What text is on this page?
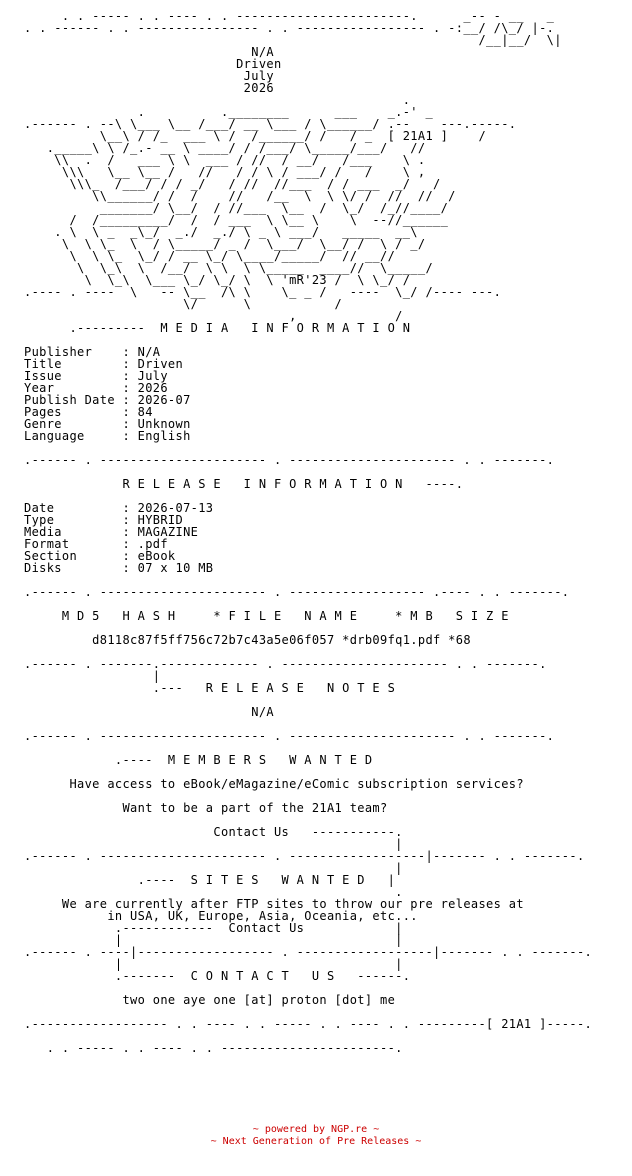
. . ----- . . ---- . . -----------------------.      _-- - __   _
. . ------ . . ---------------- . . ----------------- . -:__/ /\_/ |-.
/__|__/  \|
N/A
Driven
July
2026
.
.          .________      ___    _.-' _
.------ . --\ \___ \__ /___/ __ \___ / \______/ .--    ---.-----.
\__\ / /_  ___ \ /  /______/ /   / _  [ 21A1 ]    /
._____\ \ /_.- __ \ ____/ / /___/ \_____/___/   //
\\  .  /   ___ \ \  ___ / //  / __/   /___    \ .
\\\   \__ \__ /   //   / / \ / ___/ /   /    \ ,
\\\_  /___/ / / _/   / //  //___  / / ___  _/   /
\\______/ /  /    //   /__  \  \ \/ /  //  //  /
_______/ \__/  / //___  \__  /  \_/  /_//____/
/  /_________/  /  / ___  \ \__ \    \  --//______
. \  \ _  _\_/  _./  _./ \ _ \ ___/   _____  __\
\  \ \_  \  / \_____/ _ /  \___/  \__/ /  \ / _/
\  \ \_  \_/ / __ \_/ \____/_____/  // __//
\  \_\  \  /__/  \ \  \ \_____  ____//  \_____/
\  \_\  \___ \_/ \_/ \  \ 'mR'23 /  \ \_/ /
.---- . ----  \   -- \__  /\ \    \_ _ /   ----  \_/ /---- ---.
\/      \           /
,             /
.---------  M E D I A   I N F O R M A T I O N

Publisher    : N/A
Title        : Driven
Issue        : July
Year         : 2026
Publish Date : 2026-07
Pages        : 84
Genre        : Unknown
Language     : English

.------ . ---------------------- . ---------------------- . . -------.

R E L E A S E   I N F O R M A T I O N   ----.

Date         : 2026-07-13
Type         : HYBRID
Media        : MAGAZINE
Format       : .pdf
Section      : eBook
Disks        : 07 x 10 MB

.------ . ---------------------- . ------------------ .---- . . -------.

M D 5   H A S H     * F I L E   N A M E     * M B   S I Z E

d8118c87f5ff756c72b7c43a5e06f057 *drb09fq1.pdf *68

.------ . -------.------------- . ---------------------- . . -------.
|
.---   R E L E A S E   N O T E S

N/A

.------ . ---------------------- . ---------------------- . . -------.

.----  M E M B E R S   W A N T E D

Have access to eBook/eMagazine/eComic subscription services?

Want to be a part of the 21A1 team?

Contact Us   -----------.
|
.------ . ---------------------- . ------------------|------- . . -------.
|
.----  S I T E S   W A N T E D   |
.
We are currently after FTP sites to throw our pre releases at
in USA, UK, Europe, Asia, Oceania, etc...
.------------  Contact Us            |
|                                    |
.------ . ----|------------------ . ------------------|------- . . -------.
|                                    |
.-------  C O N T A C T   U S   ------.

two one aye one [at] proton [dot] me

.------------------ . . ---- . . ----- . . ---- . . ---------[ 21A1 ]-----.

. . ----- . . ---- . . -----------------------.
~ powered by NGP.re ~
~ Next Generation of Pre Releases ~
